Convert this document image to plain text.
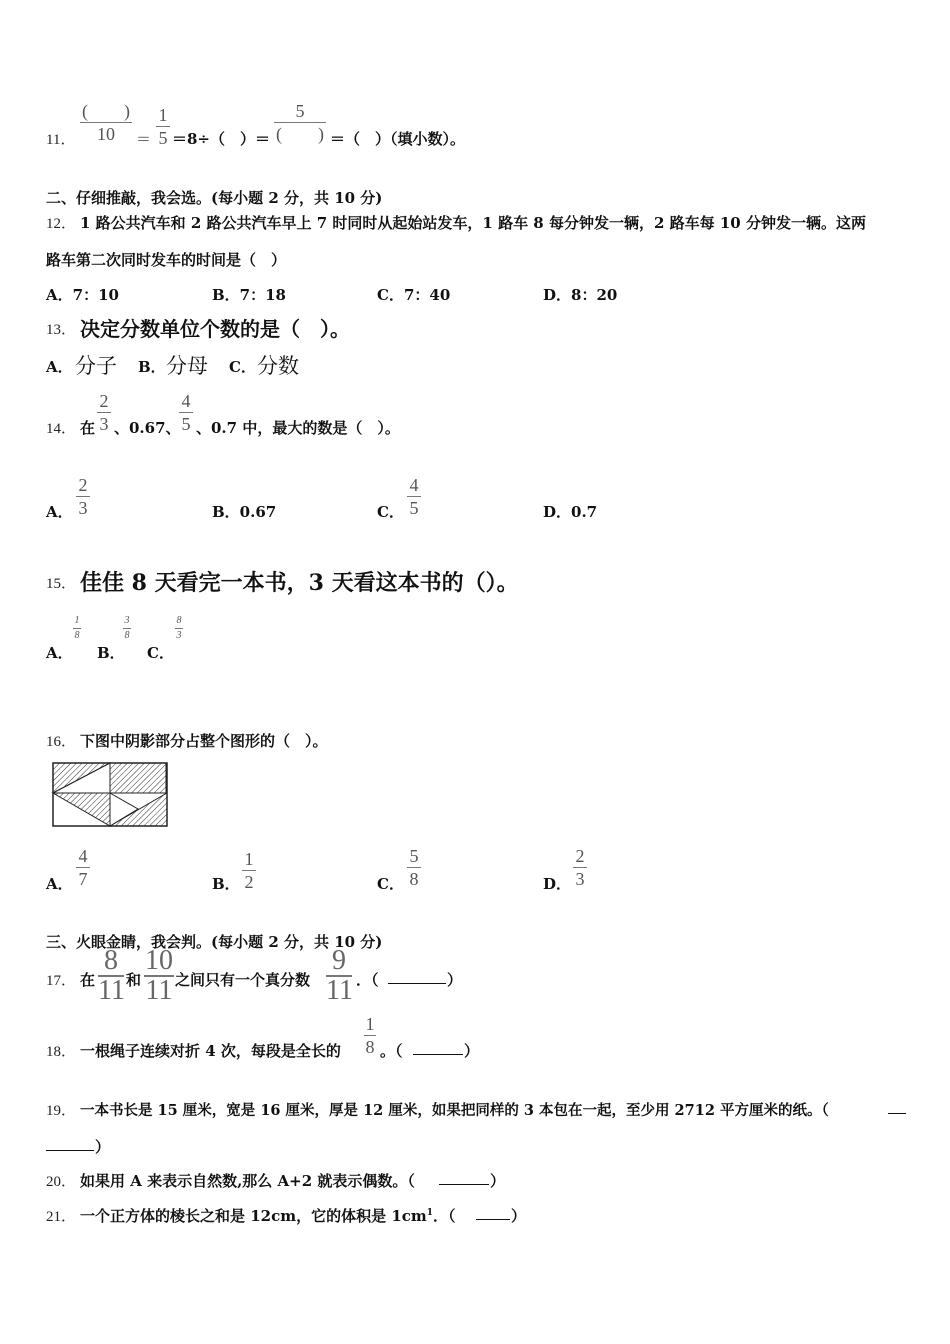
11．
(　　)
10	＝
1
5 ＝8÷（　）＝
5
(　　) ＝（　）（填小数）。
二、仔细推敲，我会选。(每小题 2 分，共 10 分)
12． 1 路公共汽车和 2 路公共汽车早上 7 时同时从起始站发车，1 路车 8 每分钟发一辆，2 路车每 10 分钟发一辆。这两
路车第二次同时发车的时间是（　）
A．7：10	B．7：18	C．7：40	D．8：20
13． 决定分数单位个数的是（　）。
A． 分子 B． 分母 C． 分数
14． 在
2
3 、0.67、
4
5 、0.7 中，最大的数是（　）。
A．
2
3	B．0.67	C．
4
5	D．0.7
15． 佳佳 8 天看完一本书，3 天看这本书的（）。
A．
1
8
B．
3
8
C．
8
3
16． 下图中阴影部分占整个图形的（　）。
A．
4
7	B．
1
2	C．
5
8	D．
2
3
三、火眼金睛，我会判。(每小题 2 分，共 10 分)
17． 在
8
11 和
10
11 之间只有一个真分数
9
11 ．（	）
18． 一根绳子连续对折 4 次，每段是全长的
1
8 。（	）
19． 一本书长是 15 厘米，宽是 16 厘米，厚是 12 厘米，如果把同样的 3 本包在一起，至少用 2712 平方厘米的纸。（
）
20． 如果用 A 来表示自然数,那么 A+2 就表示偶数。（	）
21． 一个正方体的棱长之和是 12cm，它的体积是 $1cm^1$．（	）
